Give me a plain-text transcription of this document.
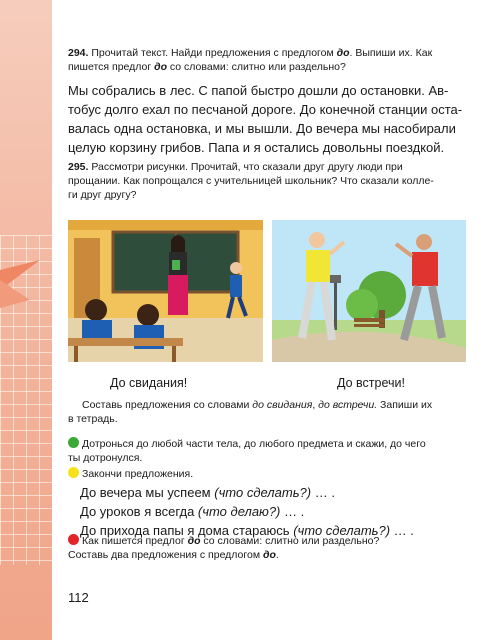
294. Прочитай текст. Найди предложения с предлогом до. Выпиши их. Как пишется предлог до со словами: слитно или раздельно?

Мы собрались в лес. С папой быстро дошли до остановки. Ав-
тобус долго ехал по песчаной дороге. До конечной станции оста-
валась одна остановка, и мы вышли. До вечера мы насобирали
целую корзину грибов. Папа и я остались довольны поездкой.
295. Рассмотри рисунки. Прочитай, что сказали друг другу люди при
прощании. Как попрощался с учительницей школьник? Что сказали колле-
ги друг другу?
До свидания!	До встречи!
Составь предложения со словами до свидания, до встречи. Запиши их
в тетрадь.
Дотронься до любой части тела, до любого предмета и скажи, до чего
ты дотронулся.
Закончи предложения.
До вечера мы успеем (что сделать?) … .
До уроков я всегда (что делаю?) … .
До прихода папы я дома стараюсь (что сделать?) … .
Как пишется предлог до со словами: слитно или раздельно?
Составь два предложения с предлогом до.
112
